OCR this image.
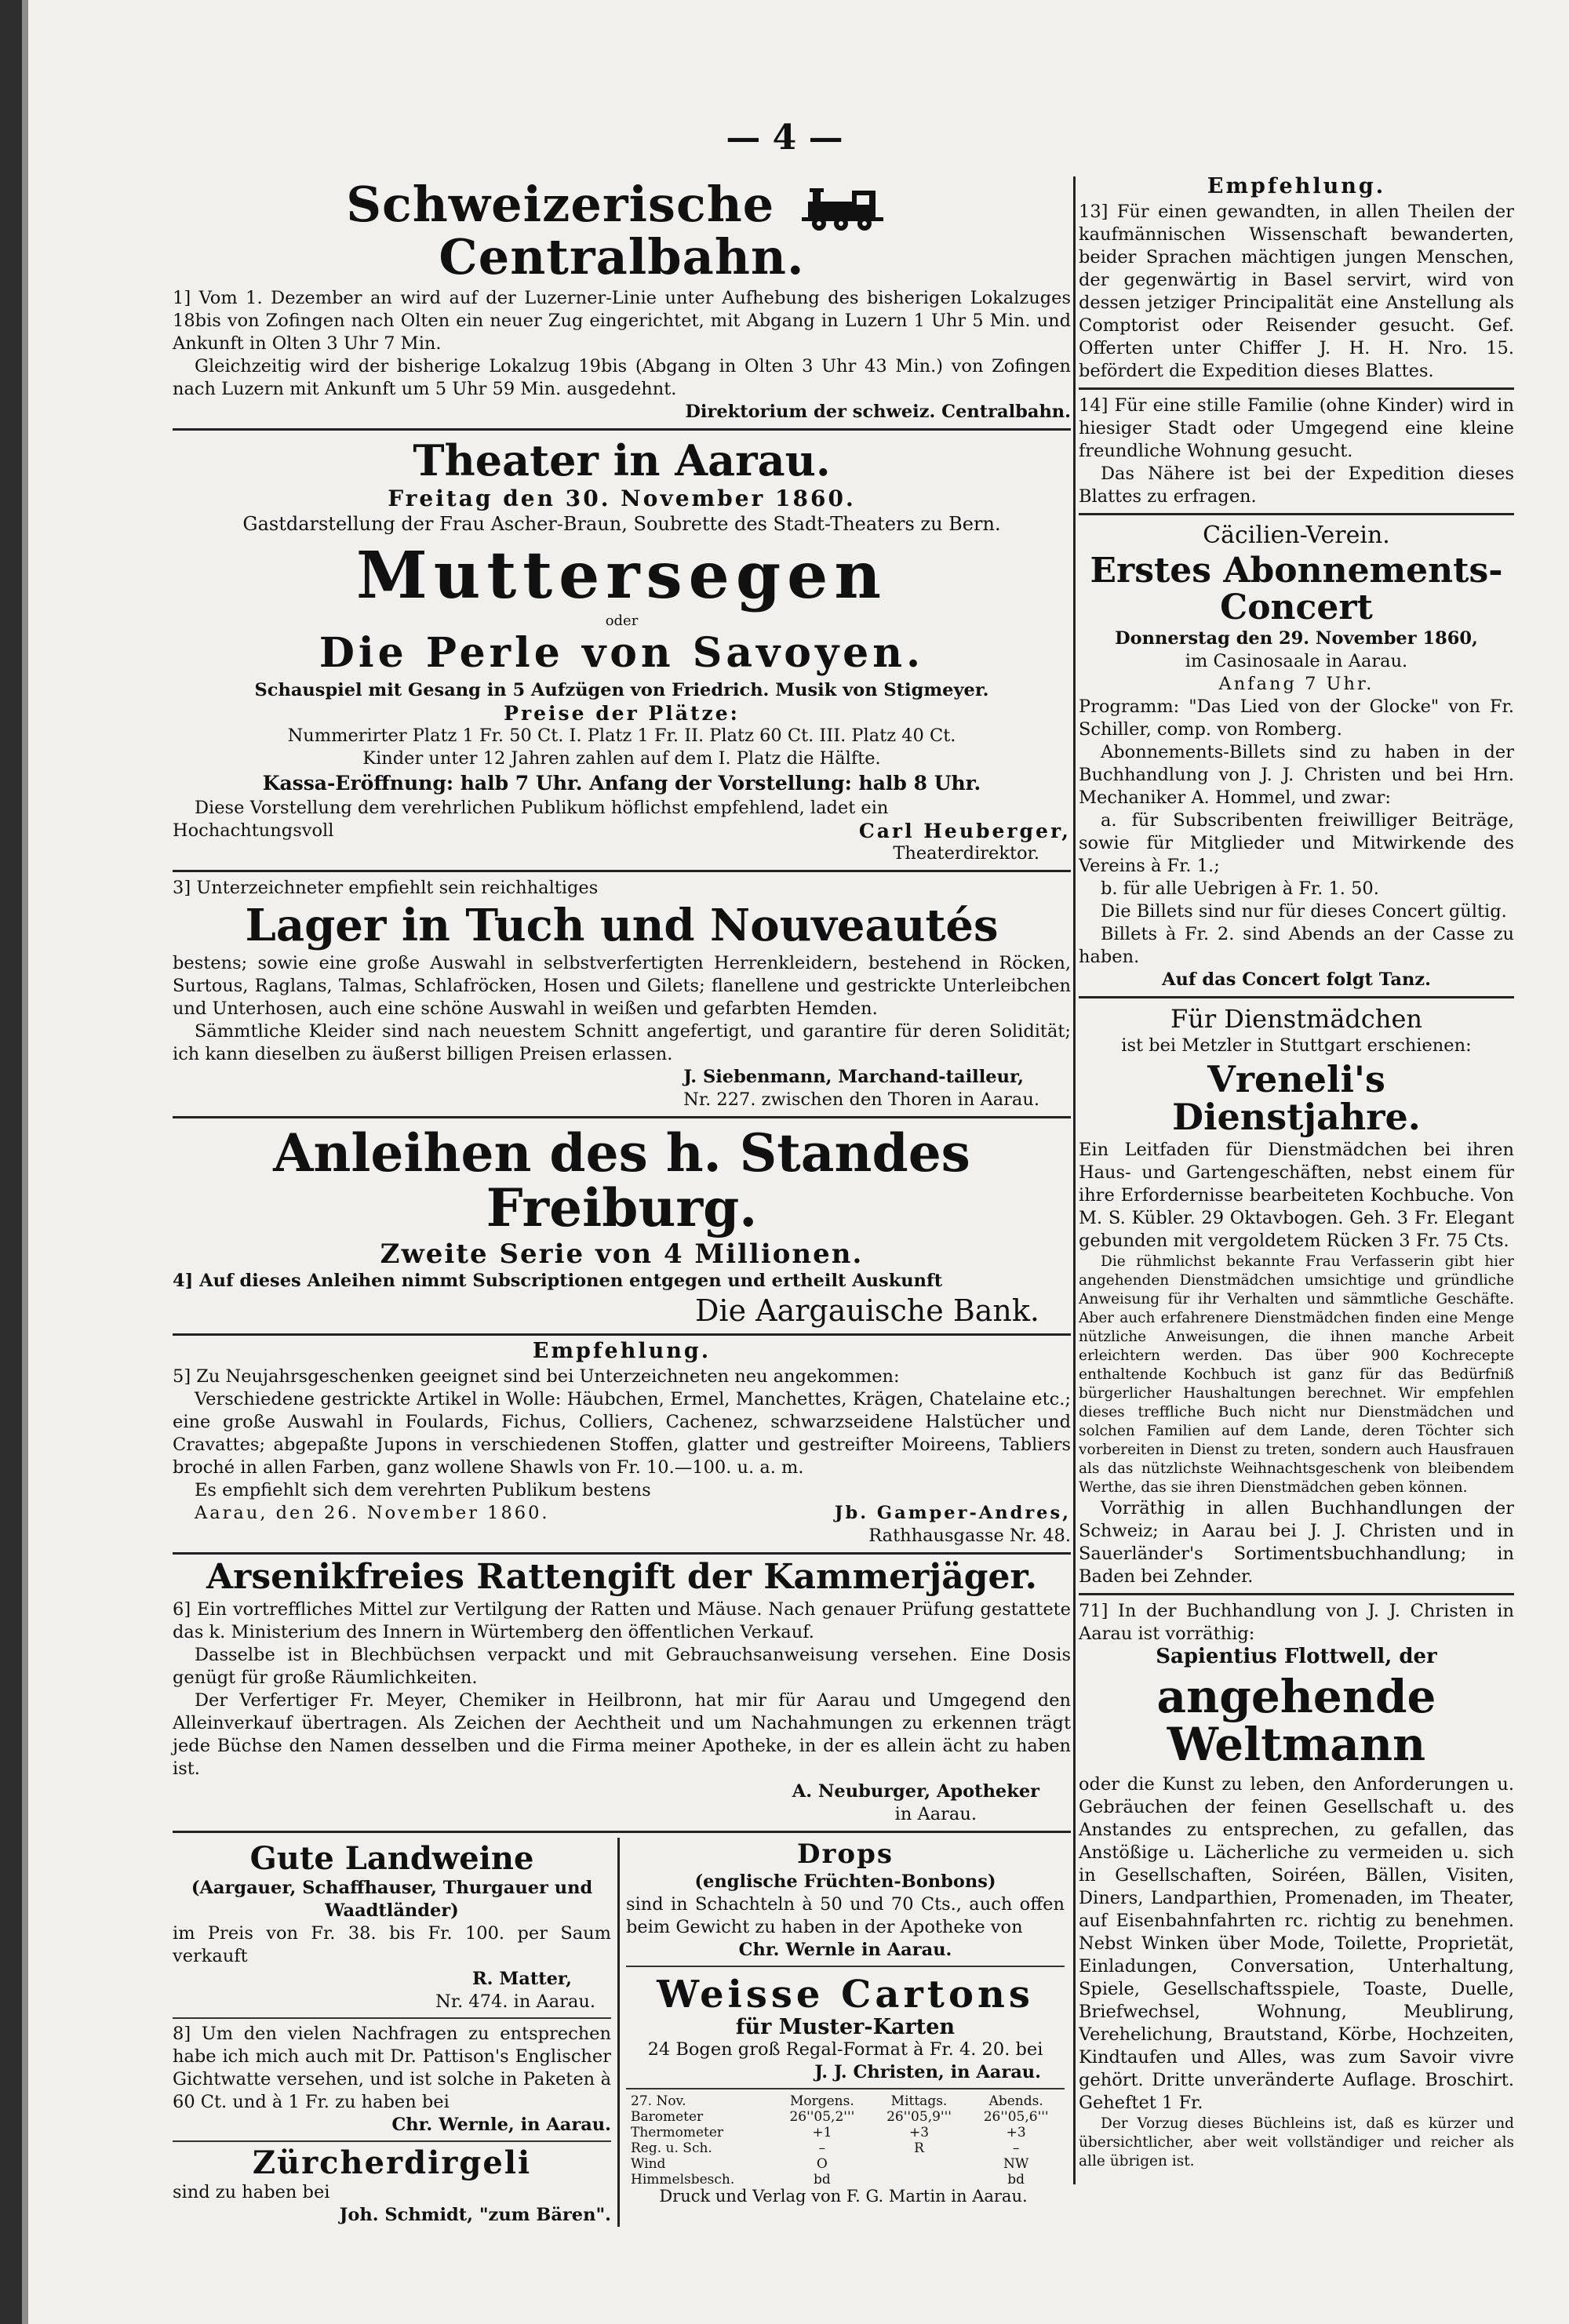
— 4 —
Schweizerische  Centralbahn.

1] Vom 1. Dezember an wird auf der Luzerner-Linie unter Aufhebung des bisherigen Lokalzuges 18bis von Zofingen nach Olten ein neuer Zug eingerichtet, mit Abgang in Luzern 1 Uhr 5 Min. und Ankunft in Olten 3 Uhr 7 Min.

Gleichzeitig wird der bisherige Lokalzug 19bis (Abgang in Olten 3 Uhr 43 Min.) von Zofingen nach Luzern mit Ankunft um 5 Uhr 59 Min. ausgedehnt.

Direktorium der schweiz. Centralbahn.

Theater in Aarau.

Freitag den 30. November 1860.

Gastdarstellung der Frau Ascher-Braun, Soubrette des Stadt-Theaters zu Bern.

Muttersegen

oder

Die Perle von Savoyen.

Schauspiel mit Gesang in 5 Aufzügen von Friedrich. Musik von Stigmeyer.

Preise der Plätze:

Nummerirter Platz 1 Fr. 50 Ct. I. Platz 1 Fr. II. Platz 60 Ct. III. Platz 40 Ct.

Kinder unter 12 Jahren zahlen auf dem I. Platz die Hälfte.

Kassa-Eröffnung: halb 7 Uhr. Anfang der Vorstellung: halb 8 Uhr.

Diese Vorstellung dem verehrlichen Publikum höflichst empfehlend, ladet ein

Hochachtungsvoll	Carl Heuberger,

Theaterdirektor.

3] Unterzeichneter empfiehlt sein reichhaltiges

Lager in Tuch und Nouveautés

bestens; sowie eine große Auswahl in selbstverfertigten Herrenkleidern, bestehend in Röcken, Surtous, Raglans, Talmas, Schlafröcken, Hosen und Gilets; flanellene und gestrickte Unterleibchen und Unterhosen, auch eine schöne Auswahl in weißen und gefarbten Hemden.

Sämmtliche Kleider sind nach neuestem Schnitt angefertigt, und garantire für deren Solidität; ich kann dieselben zu äußerst billigen Preisen erlassen.

J. Siebenmann, Marchand-tailleur,

Nr. 227. zwischen den Thoren in Aarau.

Anleihen des h. Standes Freiburg.

Zweite Serie von 4 Millionen.

4] Auf dieses Anleihen nimmt Subscriptionen entgegen und ertheilt Auskunft

Die Aargauische Bank.

Empfehlung.

5] Zu Neujahrsgeschenken geeignet sind bei Unterzeichneten neu angekommen:

Verschiedene gestrickte Artikel in Wolle: Häubchen, Ermel, Manchettes, Krägen, Chatelaine etc.; eine große Auswahl in Foulards, Fichus, Colliers, Cachenez, schwarzseidene Halstücher und Cravattes; abgepaßte Jupons in verschiedenen Stoffen, glatter und gestreifter Moireens, Tabliers broché in allen Farben, ganz wollene Shawls von Fr. 10.—100. u. a. m.

Es empfiehlt sich dem verehrten Publikum bestens

Aarau, den 26. November 1860.	Jb. Gamper-Andres,

Rathhausgasse Nr. 48.

Arsenikfreies Rattengift der Kammerjäger.

6] Ein vortreffliches Mittel zur Vertilgung der Ratten und Mäuse. Nach genauer Prüfung gestattete das k. Ministerium des Innern in Würtemberg den öffentlichen Verkauf.

Dasselbe ist in Blechbüchsen verpackt und mit Gebrauchsanweisung versehen. Eine Dosis genügt für große Räumlichkeiten.

Der Verfertiger Fr. Meyer, Chemiker in Heilbronn, hat mir für Aarau und Umgegend den Alleinverkauf übertragen. Als Zeichen der Aechtheit und um Nachahmungen zu erkennen trägt jede Büchse den Namen desselben und die Firma meiner Apotheke, in der es allein ächt zu haben ist.

A. Neuburger, Apotheker

in Aarau.

Gute Landweine

(Aargauer, Schaffhauser, Thurgauer und Waadtländer)

im Preis von Fr. 38. bis Fr. 100. per Saum verkauft

R. Matter,

Nr. 474. in Aarau.

8] Um den vielen Nachfragen zu entsprechen habe ich mich auch mit Dr. Pattison's Englischer Gichtwatte versehen, und ist solche in Paketen à 60 Ct. und à 1 Fr. zu haben bei

Chr. Wernle, in Aarau.

Zürcherdirgeli

sind zu haben bei

Joh. Schmidt, "zum Bären".

Drops

(englische Früchten-Bonbons)

sind in Schachteln à 50 und 70 Cts., auch offen beim Gewicht zu haben in der Apotheke von

Chr. Wernle in Aarau.

Weisse Cartons

für Muster-Karten

24 Bogen groß Regal-Format à Fr. 4. 20. bei

J. J. Christen, in Aarau.

27. Nov.	Morgens.	Mittags.	Abends.
Barometer	26''05,2'''	26''05,9'''	26''05,6'''
Thermometer	+1	+3	+3
Reg. u. Sch.	–	R	–
Wind	O		NW
Himmelsbesch.	bd		bd
Empfehlung.

13] Für einen gewandten, in allen Theilen der kaufmännischen Wissenschaft bewanderten, beider Sprachen mächtigen jungen Menschen, der gegenwärtig in Basel servirt, wird von dessen jetziger Principalität eine Anstellung als Comptorist oder Reisender gesucht. Gef. Offerten unter Chiffer J. H. H. Nro. 15. befördert die Expedition dieses Blattes.

14] Für eine stille Familie (ohne Kinder) wird in hiesiger Stadt oder Umgegend eine kleine freundliche Wohnung gesucht.

Das Nähere ist bei der Expedition dieses Blattes zu erfragen.

Cäcilien-Verein.

Erstes Abonnements-Concert

Donnerstag den 29. November 1860,

im Casinosaale in Aarau.

Anfang 7 Uhr.

Programm: "Das Lied von der Glocke" von Fr. Schiller, comp. von Romberg.

Abonnements-Billets sind zu haben in der Buchhandlung von J. J. Christen und bei Hrn. Mechaniker A. Hommel, und zwar:

a. für Subscribenten freiwilliger Beiträge, sowie für Mitglieder und Mitwirkende des Vereins à Fr. 1.;

b. für alle Uebrigen à Fr. 1. 50.

Die Billets sind nur für dieses Concert gültig.

Billets à Fr. 2. sind Abends an der Casse zu haben.

Auf das Concert folgt Tanz.

Für Dienstmädchen

ist bei Metzler in Stuttgart erschienen:

Vreneli's Dienstjahre.

Ein Leitfaden für Dienstmädchen bei ihren Haus- und Gartengeschäften, nebst einem für ihre Erfordernisse bearbeiteten Kochbuche. Von M. S. Kübler. 29 Oktavbogen. Geh. 3 Fr. Elegant gebunden mit vergoldetem Rücken 3 Fr. 75 Cts.

Die rühmlichst bekannte Frau Verfasserin gibt hier angehenden Dienstmädchen umsichtige und gründliche Anweisung für ihr Verhalten und sämmtliche Geschäfte. Aber auch erfahrenere Dienstmädchen finden eine Menge nützliche Anweisungen, die ihnen manche Arbeit erleichtern werden. Das über 900 Kochrecepte enthaltende Kochbuch ist ganz für das Bedürfniß bürgerlicher Haushaltungen berechnet. Wir empfehlen dieses treffliche Buch nicht nur Dienstmädchen und solchen Familien auf dem Lande, deren Töchter sich vorbereiten in Dienst zu treten, sondern auch Hausfrauen als das nützlichste Weihnachtsgeschenk von bleibendem Werthe, das sie ihren Dienstmädchen geben können.

Vorräthig in allen Buchhandlungen der Schweiz; in Aarau bei J. J. Christen und in Sauerländer's Sortimentsbuchhandlung; in Baden bei Zehnder.

71] In der Buchhandlung von J. J. Christen in Aarau ist vorräthig:

Sapientius Flottwell, der

angehende Weltmann

oder die Kunst zu leben, den Anforderungen u. Gebräuchen der feinen Gesellschaft u. des Anstandes zu entsprechen, zu gefallen, das Anstößige u. Lächerliche zu vermeiden u. sich in Gesellschaften, Soiréen, Bällen, Visiten, Diners, Landparthien, Promenaden, im Theater, auf Eisenbahnfahrten rc. richtig zu benehmen. Nebst Winken über Mode, Toilette, Proprietät, Einladungen, Conversation, Unterhaltung, Spiele, Gesellschaftsspiele, Toaste, Duelle, Briefwechsel, Wohnung, Meublirung, Verehelichung, Brautstand, Körbe, Hochzeiten, Kindtaufen und Alles, was zum Savoir vivre gehört. Dritte unveränderte Auflage. Broschirt. Geheftet 1 Fr.

Der Vorzug dieses Büchleins ist, daß es kürzer und übersichtlicher, aber weit vollständiger und reicher als alle übrigen ist.

Druck und Verlag von F. G. Martin in Aarau.
